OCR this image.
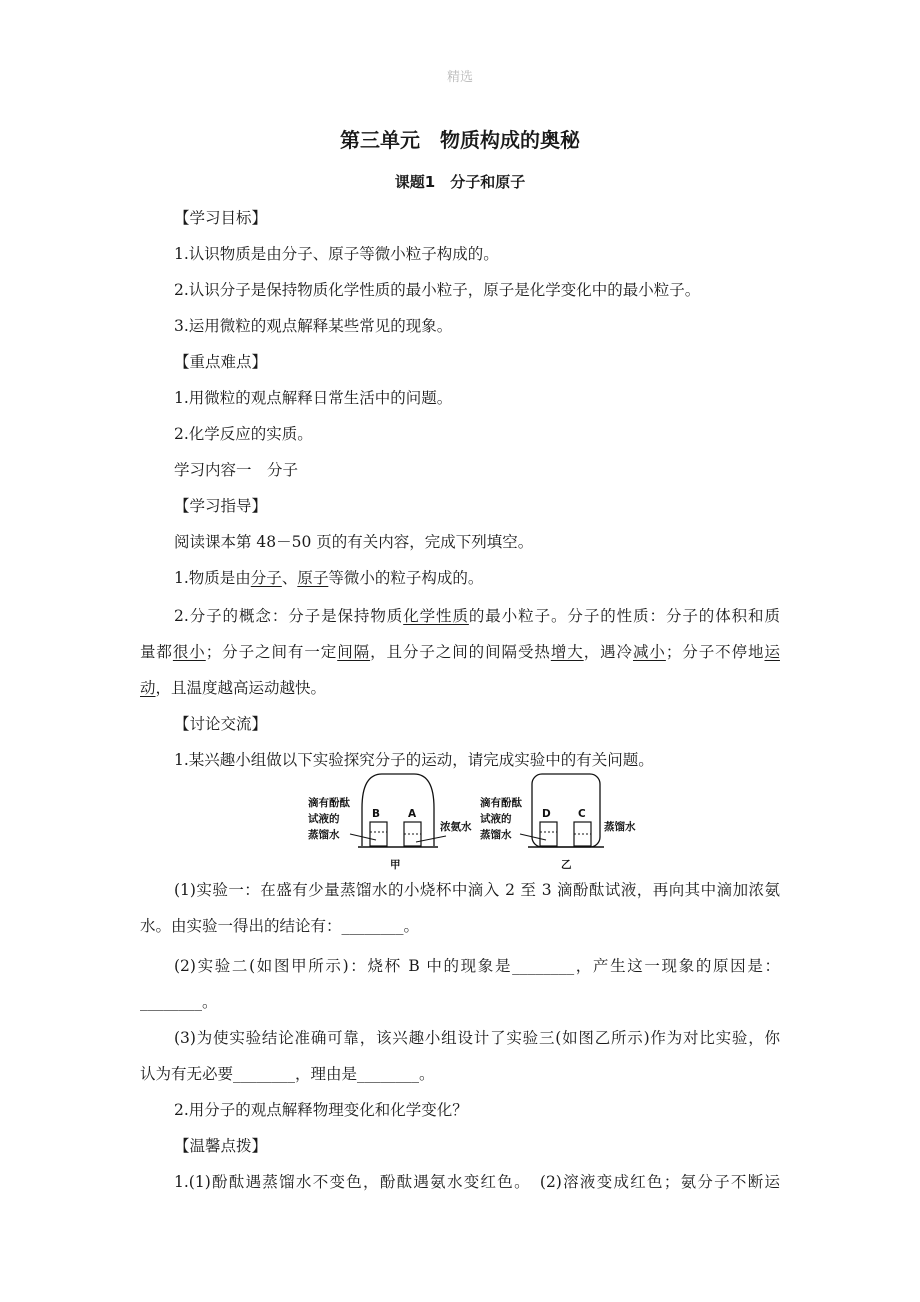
精选
第三单元　物质构成的奥秘
课题1　分子和原子
【学习目标】
1.认识物质是由分子、原子等微小粒子构成的。
2.认识分子是保持物质化学性质的最小粒子，原子是化学变化中的最小粒子。
3.运用微粒的观点解释某些常见的现象。
【重点难点】
1.用微粒的观点解释日常生活中的问题。
2.化学反应的实质。
学习内容一　分子
【学习指导】
阅读课本第 48－50 页的有关内容，完成下列填空。
1.物质是由分子、原子等微小的粒子构成的。
2.分子的概念：分子是保持物质化学性质的最小粒子。分子的性质：分子的体积和质
量都很小；分子之间有一定间隔，且分子之间的间隔受热增大，遇冷减小；分子不停地运
动，且温度越高运动越快。
【讨论交流】
1.某兴趣小组做以下实验探究分子的运动，请完成实验中的有关问题。
B	A
滴有酚酞
试液的
蒸馏水
浓氨水
甲
D	C
滴有酚酞
试液的
蒸馏水
蒸馏水
乙
(1)实验一：在盛有少量蒸馏水的小烧杯中滴入 2 至 3 滴酚酞试液，再向其中滴加浓氨
水。由实验一得出的结论有：________。
(2)实验二(如图甲所示)：烧杯 B 中的现象是________，产生这一现象的原因是：
________。
(3)为使实验结论准确可靠，该兴趣小组设计了实验三(如图乙所示)作为对比实验，你
认为有无必要________，理由是________。
2.用分子的观点解释物理变化和化学变化？
【温馨点拨】
1.(1)酚酞遇蒸馏水不变色，酚酞遇氨水变红色。　(2)溶液变成红色；氨分子不断运
